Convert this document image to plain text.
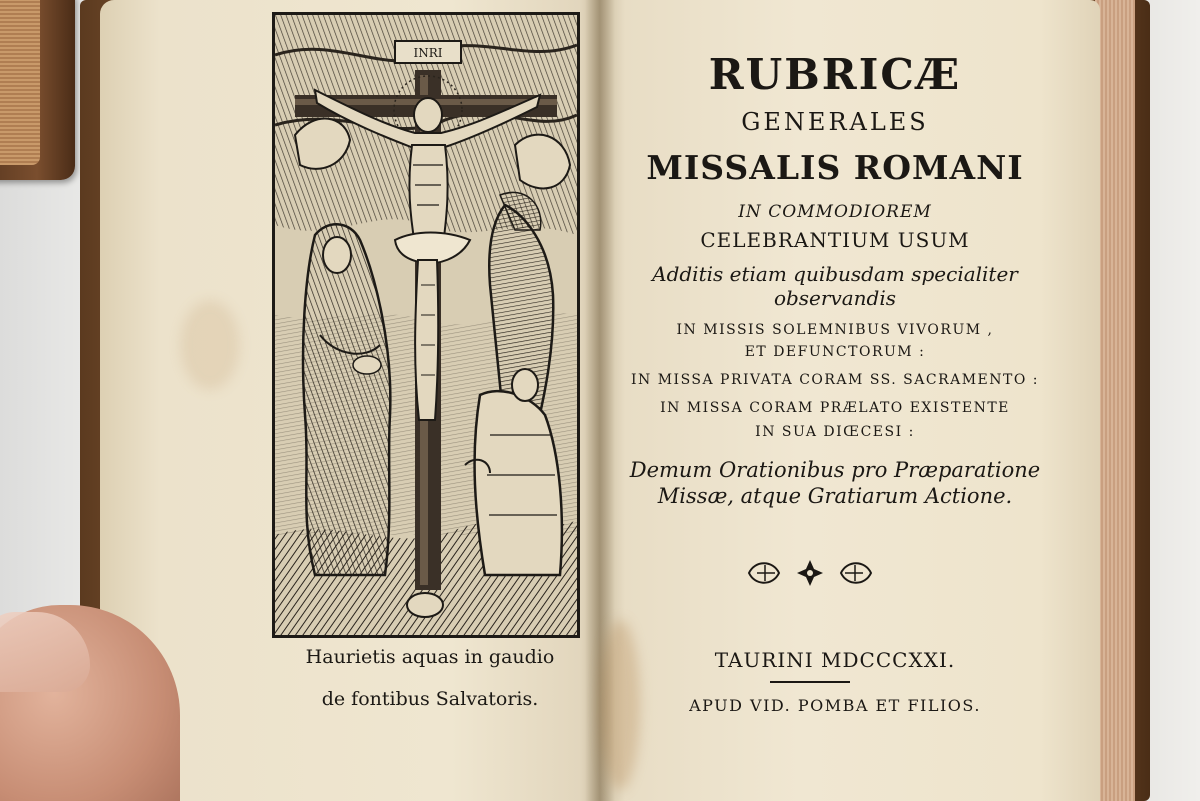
INRI
Haurietis aquas in gaudio
de fontibus Salvatoris.
RUBRICÆ
GENERALES
MISSALIS ROMANI
IN COMMODIOREM
CELEBRANTIUM USUM
Additis etiam quibusdam specialiter
observandis
IN MISSIS SOLEMNIBUS VIVORUM ,
ET DEFUNCTORUM :
IN MISSA PRIVATA CORAM SS. SACRAMENTO :
IN MISSA CORAM PRÆLATO EXISTENTE
IN SUA DIŒCESI :
Demum Orationibus pro Præparatione
Missæ, atque Gratiarum Actione.
TAURINI MDCCCXXI.
APUD VID. POMBA ET FILIOS.
